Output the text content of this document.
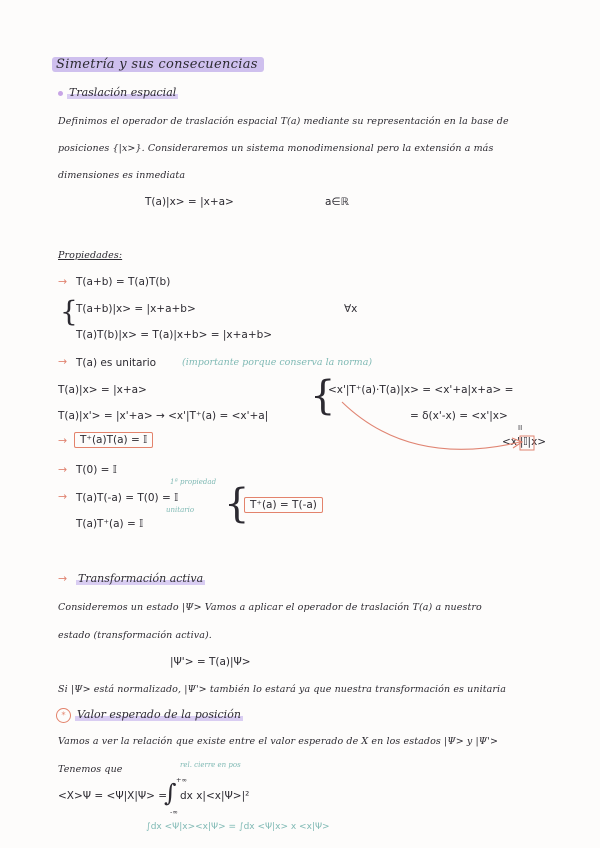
Simetría y sus consecuencias
Traslación espacial
Definimos el operador de traslación espacial T(a) mediante su representación en la base de
posiciones {|x>}. Consideraremos un sistema monodimensional pero la extensión a más
dimensiones es inmediata
T(a)|x> = |x+a>	a∈ℝ
Propiedades:
→ T(a+b) = T(a)T(b)
{
T(a+b)|x> = |x+a+b>
T(a)T(b)|x> = T(a)|x+b> = |x+a+b>
∀x
→ T(a) es unitario	(importante porque conserva la norma)
T(a)|x> = |x+a>
T(a)|x'> = |x'+a> → <x'|T⁺(a) = <x'+a| {
<x'|T⁺(a)·T(a)|x> = <x'+a|x+a> =
= δ(x'-x) = <x'|x>
II
<x'|𝕀|x>
→	T⁺(a)T(a) = 𝕀
→ T(0) = 𝕀
1ª propiedad
→ T(a)T(-a) = T(0) = 𝕀
unitario
T(a)T⁺(a) = 𝕀 { T⁺(a) = T(-a)
→ Transformación activa
Consideremos un estado |Ψ> Vamos a aplicar el operador de traslación T(a) a nuestro
estado (transformación activa).
|Ψ'> = T(a)|Ψ>
Si |Ψ> está normalizado, |Ψ'> también lo estará ya que nuestra transformación es unitaria
* Valor esperado de la posición
Vamos a ver la relación que existe entre el valor esperado de X en los estados |Ψ> y |Ψ'>
Tenemos que	rel. cierre en pos
<X>Ψ = <Ψ|X|Ψ> =
+∞
∫
-∞
dx x|<x|Ψ>|²
∫dx <Ψ|x><x|Ψ> = ∫dx <Ψ|x> x <x|Ψ>
